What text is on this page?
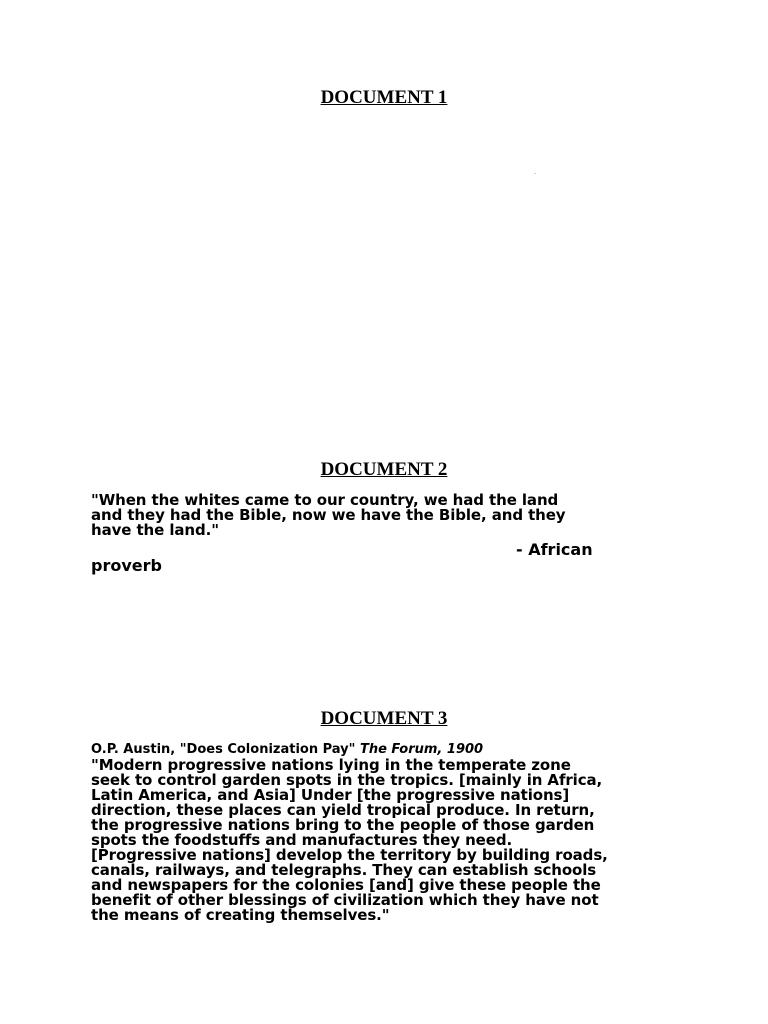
DOCUMENT 1
DOCUMENT 2

"When the whites came to our country, we had the land
and they had the Bible, now we have the Bible, and they
have the land."

- African
proverb
DOCUMENT 3
O.P. Austin, "Does Colonization Pay" The Forum, 1900

"Modern progressive nations lying in the temperate zone
seek to control garden spots in the tropics. [mainly in Africa,
Latin America, and Asia] Under [the progressive nations]
direction, these places can yield tropical produce. In return,
the progressive nations bring to the people of those garden
spots the foodstuffs and manufactures they need.
[Progressive nations] develop the territory by building roads,
canals, railways, and telegraphs. They can establish schools
and newspapers for the colonies [and] give these people the
benefit of other blessings of civilization which they have not
the means of creating themselves."
